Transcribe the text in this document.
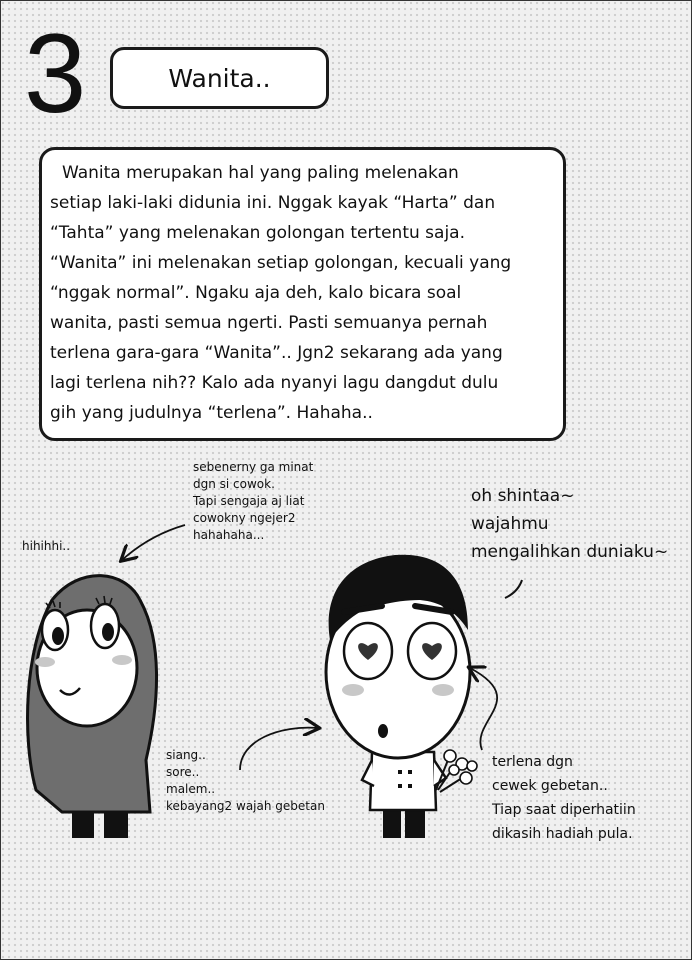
3	Wanita..

Wanita merupakan hal yang paling melenakan
setiap laki-laki didunia ini. Nggak kayak “Harta” dan
“Tahta” yang melenakan golongan tertentu saja.
“Wanita” ini melenakan setiap golongan, kecuali yang
“nggak normal”. Ngaku aja deh, kalo bicara soal
wanita, pasti semua ngerti. Pasti semuanya pernah
terlena gara-gara “Wanita”.. Jgn2 sekarang ada yang
lagi terlena nih?? Kalo ada nyanyi lagu dangdut dulu
gih yang judulnya “terlena”. Hahaha..

sebenerny ga minat
dgn si cowok.
Tapi sengaja aj liat
cowokny ngejer2
hahahaha...
hihihhi..
oh shintaa~
wajahmu
mengalihkan duniaku~
siang..
sore..
malem..
kebayang2 wajah gebetan
terlena dgn
cewek gebetan..
Tiap saat diperhatiin
dikasih hadiah pula.
